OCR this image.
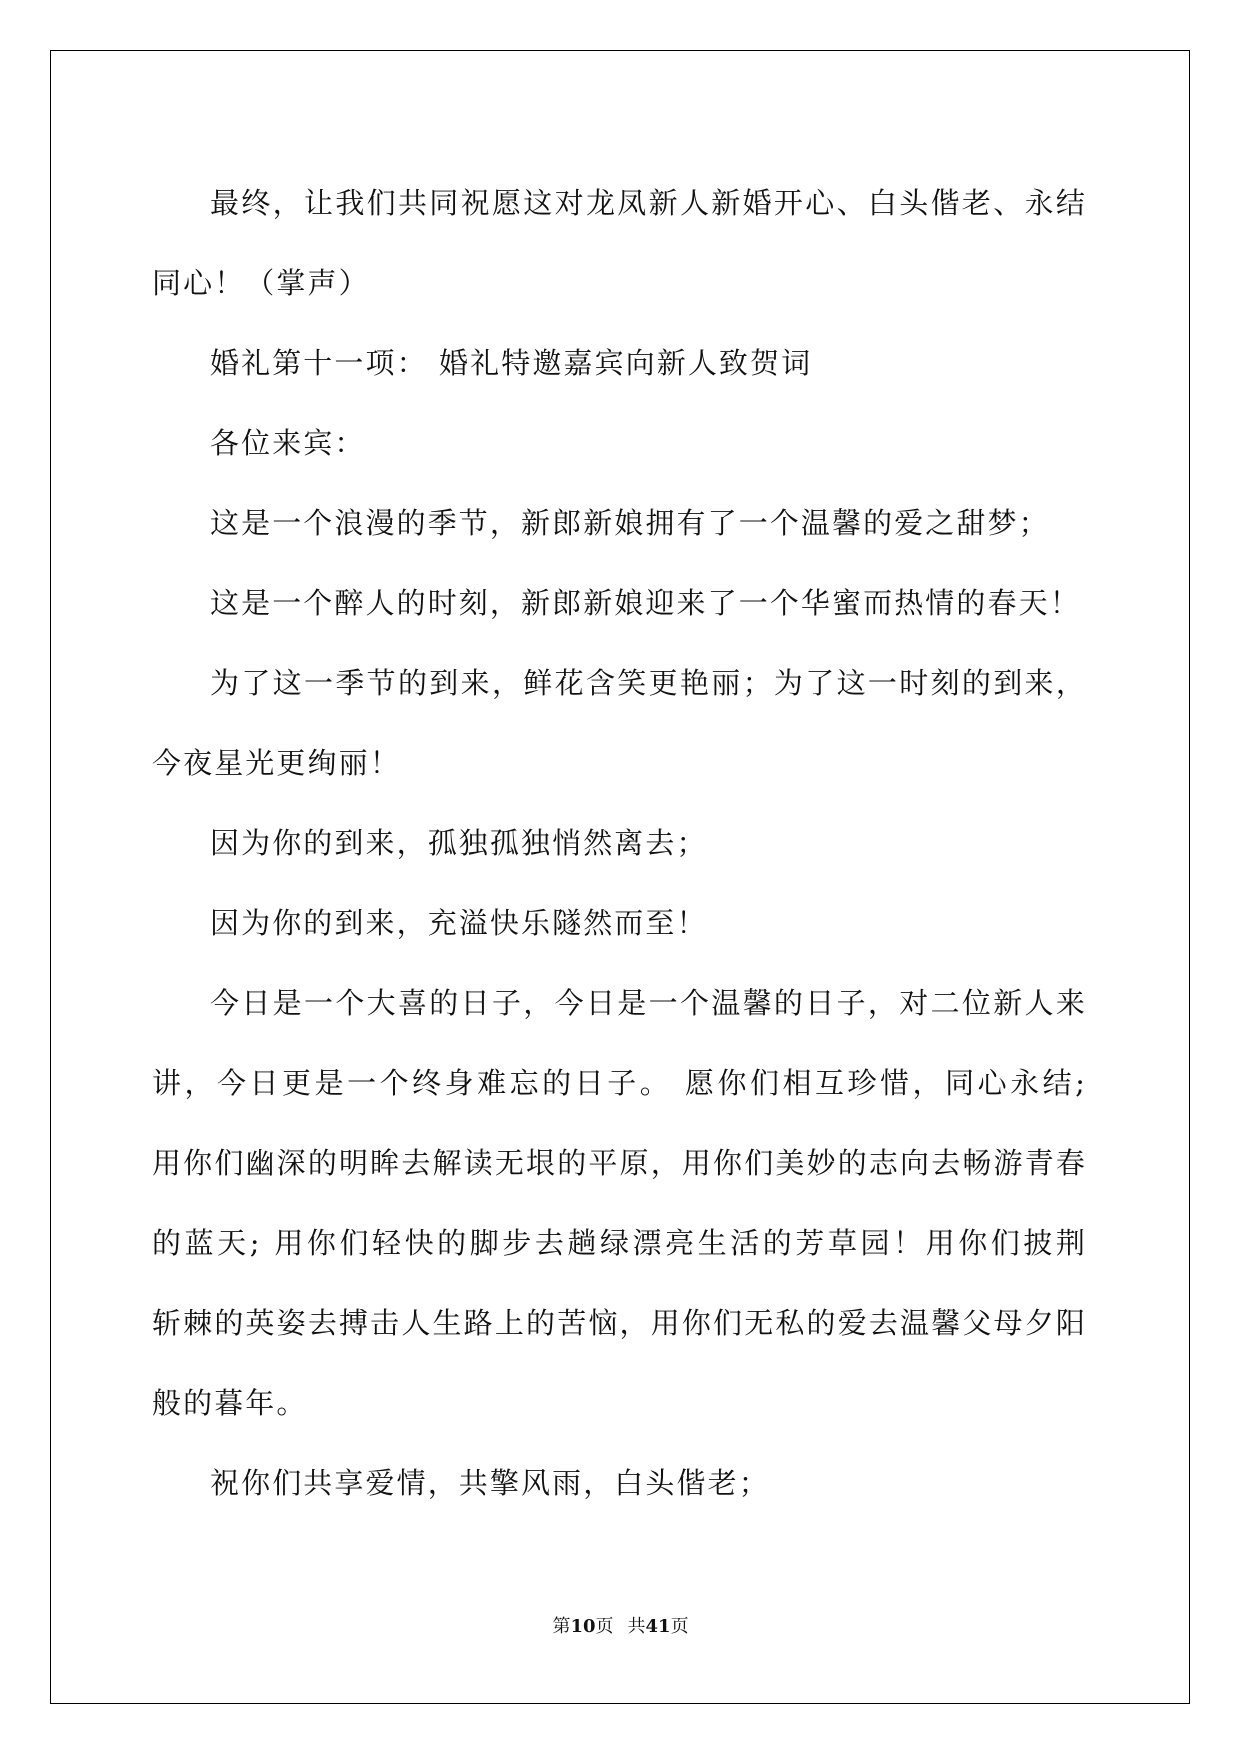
最终，让我们共同祝愿这对龙凤新人新婚开心、白头偕老、永结同心！（掌声）

婚礼第十一项： 婚礼特邀嘉宾向新人致贺词

各位来宾：

这是一个浪漫的季节，新郎新娘拥有了一个温馨的爱之甜梦；

这是一个醉人的时刻，新郎新娘迎来了一个华蜜而热情的春天！

为了这一季节的到来，鲜花含笑更艳丽；为了这一时刻的到来，今夜星光更绚丽！

因为你的到来，孤独孤独悄然离去；

因为你的到来，充溢快乐隧然而至！

今日是一个大喜的日子，今日是一个温馨的日子，对二位新人来讲，今日更是一个终身难忘的日子。 愿你们相互珍惜，同心永结; 用你们幽深的明眸去解读无垠的平原，用你们美妙的志向去畅游青春的蓝天; 用你们轻快的脚步去趟绿漂亮生活的芳草园！用你们披荆 斩棘的英姿去搏击人生路上的苦恼，用你们无私的爱去温馨父母夕阳般的暮年。

祝你们共享爱情，共擎风雨，白头偕老；

第10页 共41页
